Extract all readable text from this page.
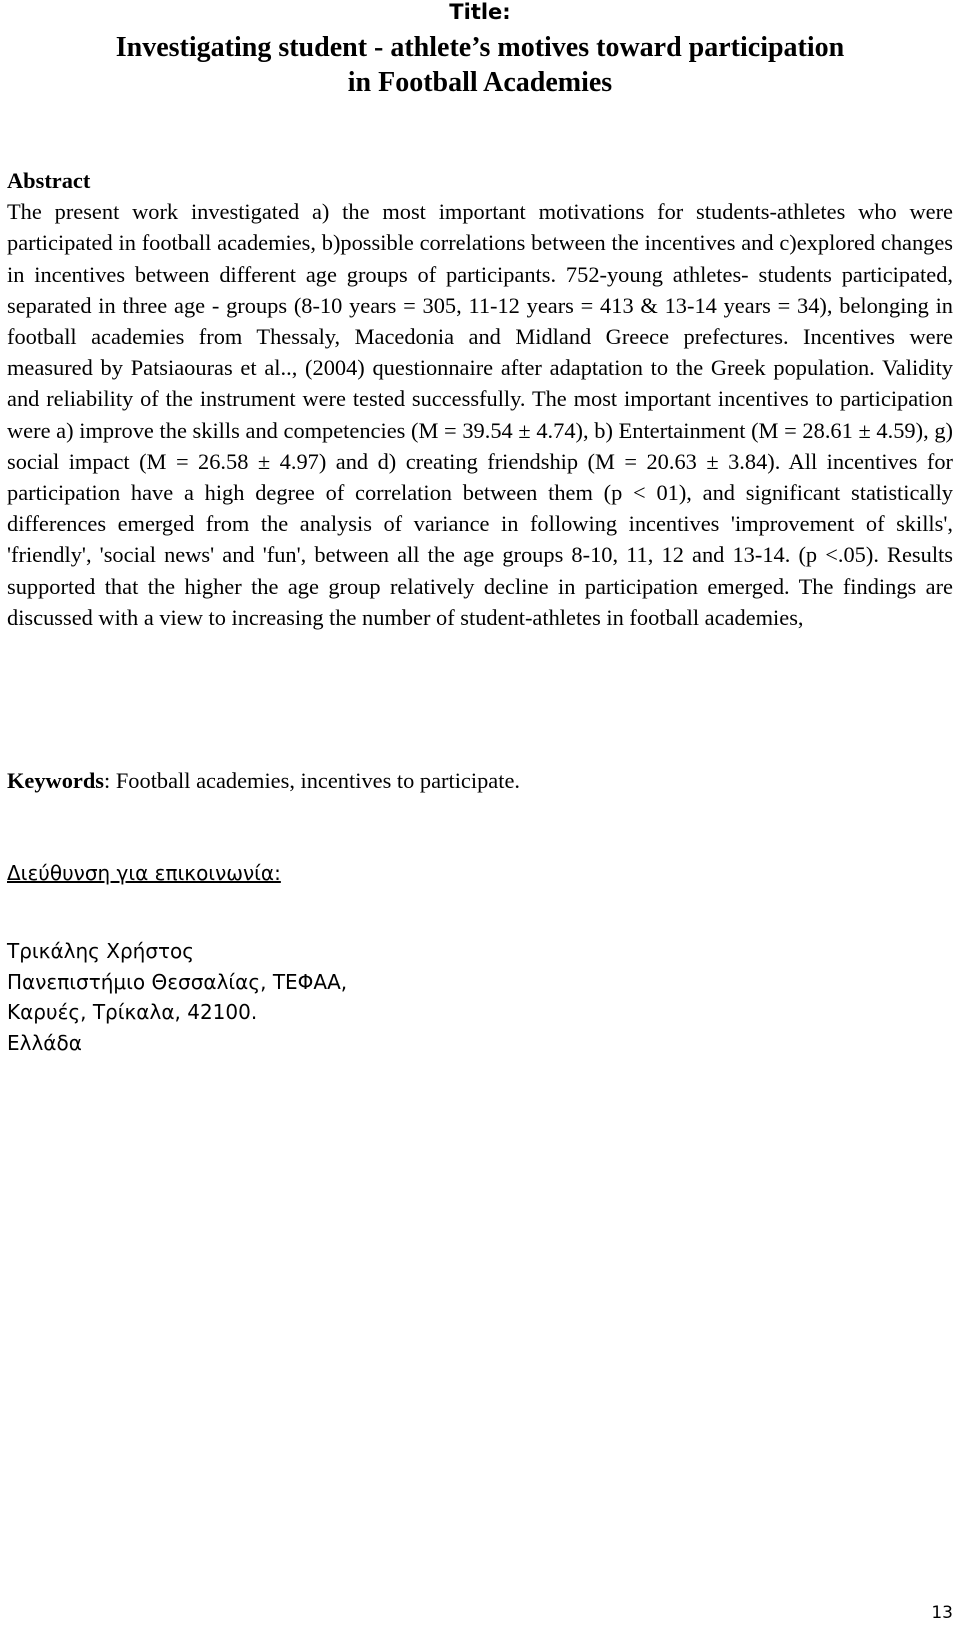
Title:
Investigating student - athlete’s motives toward participation
in Football Academies
Abstract

The present work investigated a) the most important motivations for students-athletes who were participated in football academies, b)possible correlations between the incentives and c)explored changes in incentives between different age groups of participants. 752-young athletes- students participated, separated in three age - groups (8-10 years = 305, 11-12 years = 413 & 13-14 years = 34), belonging in football academies from Thessaly, Macedonia and Midland Greece prefectures. Incentives were measured by Patsiaouras et al.., (2004) questionnaire after adaptation to the Greek population. Validity and reliability of the instrument were tested successfully. The most important incentives to participation were a) improve the skills and competencies (M = 39.54 ± 4.74), b) Entertainment (M = 28.61 ± 4.59), g) social impact (M = 26.58 ± 4.97) and d) creating friendship (M = 20.63 ± 3.84). All incentives for participation have a high degree of correlation between them (p < 01), and significant statistically differences emerged from the analysis of variance in following incentives 'improvement of skills', 'friendly', 'social news' and 'fun', between all the age groups 8-10, 11, 12 and 13-14. (p <.05). Results supported that the higher the age group relatively decline in participation emerged. The findings are discussed with a view to increasing the number of student-athletes in football academies,

Keywords: Football academies, incentives to participate.

Διεύθυνση για επικοινωνία:
Τρικάλης Χρήστος
Πανεπιστήμιο Θεσσαλίας, ΤΕΦΑΑ,
Καρυές, Τρίκαλα, 42100.
Ελλάδα
13
